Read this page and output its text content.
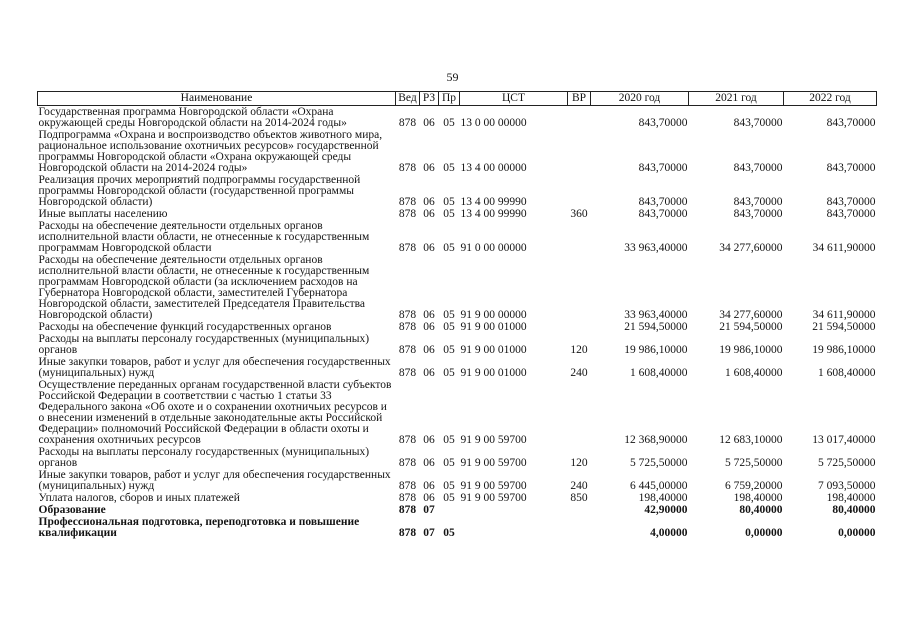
59
Наименование	Вед	РЗ	Пр	ЦСТ	ВР	2020 год	2021 год	2022 год
Государственная программа Новгородской области «Охрана окружающей среды Новгородской области на 2014-2024 годы»	878	06	05	13 0 00 00000		843,70000	843,70000	843,70000
Подпрограмма «Охрана и воспроизводство объектов животного мира, рациональное использование охотничьих ресурсов» государственной программы Новгородской области «Охрана окружающей среды Новгородской области на 2014-2024 годы»	878	06	05	13 4 00 00000		843,70000	843,70000	843,70000
Реализация прочих мероприятий подпрограммы государственной программы Новгородской области (государственной программы Новгородской области)	878	06	05	13 4 00 99990		843,70000	843,70000	843,70000
Иные выплаты населению	878	06	05	13 4 00 99990	360	843,70000	843,70000	843,70000
Расходы на обеспечение деятельности отдельных органов исполнительной власти области, не отнесенные к государственным программам Новгородской области	878	06	05	91 0 00 00000		33 963,40000	34 277,60000	34 611,90000
Расходы на обеспечение деятельности отдельных органов исполнительной власти области, не отнесенные к государственным программам Новгородской области (за исключением расходов на Губернатора Новгородской области, заместителей Губернатора Новгородской области, заместителей Председателя Правительства Новгородской области)	878	06	05	91 9 00 00000		33 963,40000	34 277,60000	34 611,90000
Расходы на обеспечение функций государственных органов	878	06	05	91 9 00 01000		21 594,50000	21 594,50000	21 594,50000
Расходы на выплаты персоналу государственных (муниципальных) органов	878	06	05	91 9 00 01000	120	19 986,10000	19 986,10000	19 986,10000
Иные закупки товаров, работ и услуг для обеспечения государственных (муниципальных) нужд	878	06	05	91 9 00 01000	240	1 608,40000	1 608,40000	1 608,40000
Осуществление переданных органам государственной власти субъектов Российской Федерации в соответствии с частью 1 статьи 33 Федерального закона «Об охоте и о сохранении охотничьих ресурсов и о внесении изменений в отдельные законодательные акты Российской Федерации» полномочий Российской Федерации в области охоты и сохранения охотничьих ресурсов	878	06	05	91 9 00 59700		12 368,90000	12 683,10000	13 017,40000
Расходы на выплаты персоналу государственных (муниципальных) органов	878	06	05	91 9 00 59700	120	5 725,50000	5 725,50000	5 725,50000
Иные закупки товаров, работ и услуг для обеспечения государственных (муниципальных) нужд	878	06	05	91 9 00 59700	240	6 445,00000	6 759,20000	7 093,50000
Уплата налогов, сборов и иных платежей	878	06	05	91 9 00 59700	850	198,40000	198,40000	198,40000
Образование	878	07				42,90000	80,40000	80,40000
Профессиональная подготовка, переподготовка и повышение квалификации	878	07	05			4,00000	0,00000	0,00000
